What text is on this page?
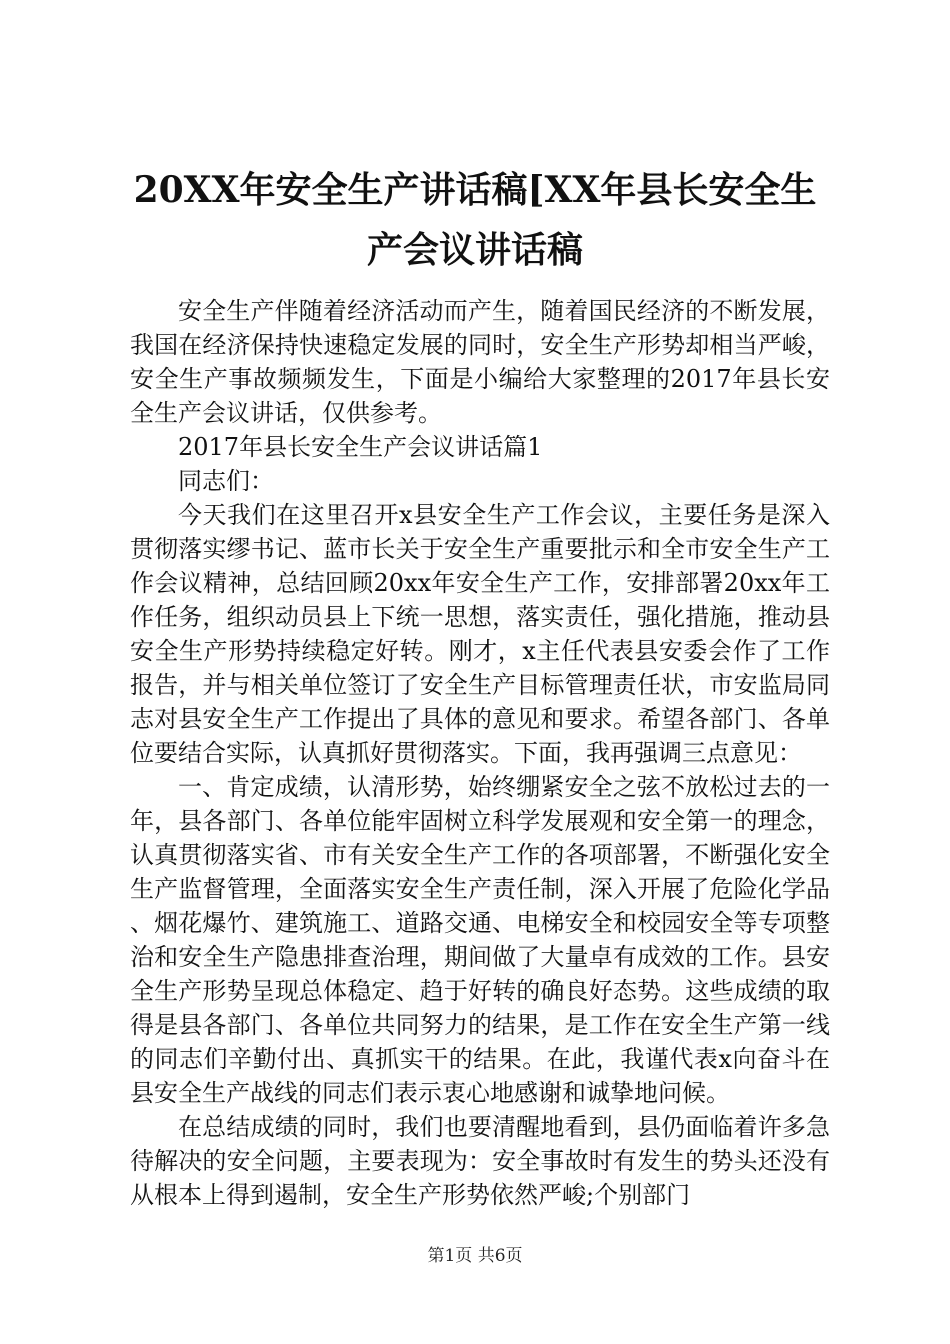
20XX年安全生产讲话稿[XX年县长安全生产会议讲话稿

安全生产伴随着经济活动而产生，随着国民经济的不断发展，我国在经济保持快速稳定发展的同时，安全生产形势却相当严峻，安全生产事故频频发生，下面是小编给大家整理的2017年县长安全生产会议讲话，仅供参考。

2017年县长安全生产会议讲话篇1

同志们：

今天我们在这里召开x县安全生产工作会议，主要任务是深入贯彻落实缪书记、蓝市长关于安全生产重要批示和全市安全生产工作会议精神，总结回顾20xx年安全生产工作，安排部署20xx年工作任务，组织动员县上下统一思想，落实责任，强化措施，推动县安全生产形势持续稳定好转。刚才，x主任代表县安委会作了工作报告，并与相关单位签订了安全生产目标管理责任状，市安监局同志对县安全生产工作提出了具体的意见和要求。希望各部门、各单位要结合实际，认真抓好贯彻落实。下面，我再强调三点意见：

一、肯定成绩，认清形势，始终绷紧安全之弦不放松过去的一年，县各部门、各单位能牢固树立科学发展观和安全第一的理念，认真贯彻落实省、市有关安全生产工作的各项部署，不断强化安全生产监督管理，全面落实安全生产责任制，深入开展了危险化学品、烟花爆竹、建筑施工、道路交通、电梯安全和校园安全等专项整治和安全生产隐患排查治理，期间做了大量卓有成效的工作。县安全生产形势呈现总体稳定、趋于好转的确良好态势。这些成绩的取得是县各部门、各单位共同努力的结果，是工作在安全生产第一线的同志们辛勤付出、真抓实干的结果。在此，我谨代表x向奋斗在县安全生产战线的同志们表示衷心地感谢和诚挚地问候。

在总结成绩的同时，我们也要清醒地看到，县仍面临着许多急待解决的安全问题，主要表现为：安全事故时有发生的势头还没有从根本上得到遏制，安全生产形势依然严峻;个别部门

第1页 共6页
